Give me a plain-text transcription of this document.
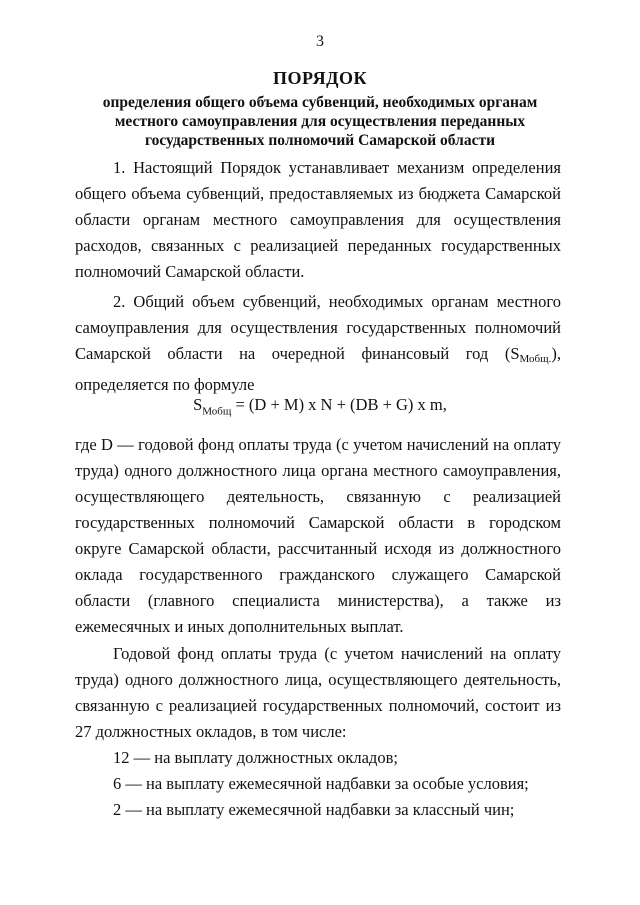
3
ПОРЯДОК
определения общего объема субвенций, необходимых органам местного самоуправления для осуществления переданных государственных полномочий Самарской области
1. Настоящий Порядок устанавливает механизм определения общего объема субвенций, предоставляемых из бюджета Самарской области органам местного самоуправления для осуществления расходов, связанных с реализацией переданных государственных полномочий Самарской области.
2. Общий объем субвенций, необходимых органам местного самоуправления для осуществления государственных полномочий Самарской области на очередной финансовый год (SМобщ.), определяется по формуле
$S_{Мобщ} = (D + M)$ x N + (DB + G) x m,
где D — годовой фонд оплаты труда (с учетом начислений на оплату труда) одного должностного лица органа местного самоуправления, осуществляющего деятельность, связанную с реализацией государственных полномочий Самарской области в городском округе Самарской области, рассчитанный исходя из должностного оклада государственного гражданского служащего Самарской области (главного специалиста министерства), а также из ежемесячных и иных дополнительных выплат.
Годовой фонд оплаты труда (с учетом начислений на оплату труда) одного должностного лица, осуществляющего деятельность, связанную с реализацией государственных полномочий, состоит из 27 должностных окладов, в том числе:
12 — на выплату должностных окладов;
6 — на выплату ежемесячной надбавки за особые условия;
2 — на выплату ежемесячной надбавки за классный чин;
